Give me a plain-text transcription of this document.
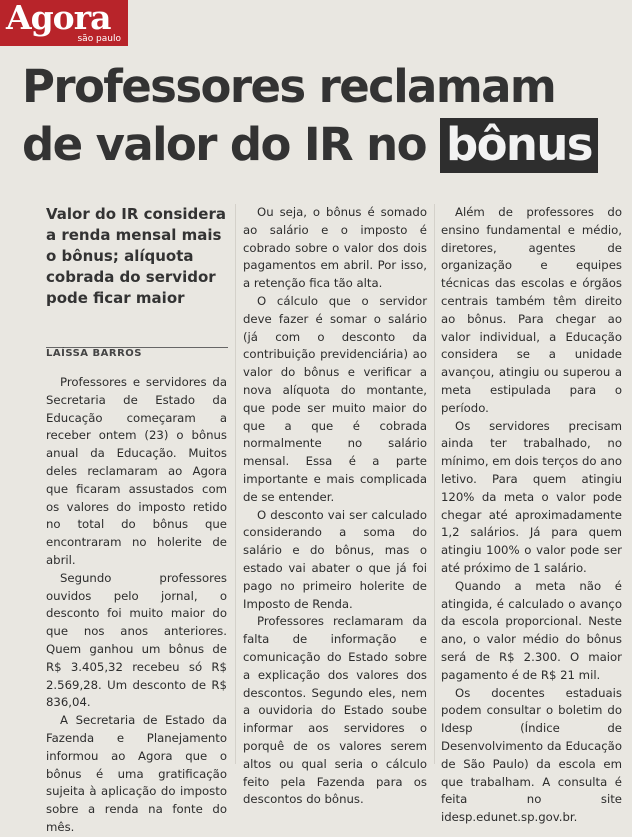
Agora
são paulo
Professores reclamam
de valor do IR no bônus
Valor do IR considera a renda mensal mais o bônus; alíquota cobrada do servidor pode ficar maior
LAÍSSA BARROS

Professores e servidores da Secretaria de Estado da Educação começaram a receber ontem (23) o bônus anual da Educação. Muitos deles reclamaram ao Agora que ficaram assustados com os valores do imposto retido no total do bônus que encontraram no holerite de abril.

Segundo professores ouvidos pelo jornal, o desconto foi muito maior do que nos anos anteriores. Quem ganhou um bônus de R$ 3.405,32 recebeu só R$ 2.569,28. Um desconto de R$ 836,04.

A Secretaria de Estado da Fazenda e Planejamento informou ao Agora que o bônus é uma gratificação sujeita à aplicação do imposto sobre a renda na fonte do mês.

Ou seja, o bônus é somado ao salário e o imposto é cobrado sobre o valor dos dois pagamentos em abril. Por isso, a retenção fica tão alta.

O cálculo que o servidor deve fazer é somar o salário (já com o desconto da contribuição previdenciária) ao valor do bônus e verificar a nova alíquota do montante, que pode ser muito maior do que a que é cobrada normalmente no salário mensal. Essa é a parte importante e mais complicada de se entender.

O desconto vai ser calculado considerando a soma do salário e do bônus, mas o estado vai abater o que já foi pago no primeiro holerite de Imposto de Renda.

Professores reclamaram da falta de informação e comunicação do Estado sobre a explicação dos valores dos descontos. Segundo eles, nem a ouvidoria do Estado soube informar aos servidores o porquê de os valores serem altos ou qual seria o cálculo feito pela Fazenda para os descontos do bônus.

Além de professores do ensino fundamental e médio, diretores, agentes de organização e equipes técnicas das escolas e órgãos centrais também têm direito ao bônus. Para chegar ao valor individual, a Educação considera se a unidade avançou, atingiu ou superou a meta estipulada para o período.

Os servidores precisam ainda ter trabalhado, no mínimo, em dois terços do ano letivo. Para quem atingiu 120% da meta o valor pode chegar até aproximadamente 1,2 salários. Já para quem atingiu 100% o valor pode ser até próximo de 1 salário.

Quando a meta não é atingida, é calculado o avanço da escola proporcional. Neste ano, o valor médio do bônus será de R$ 2.300. O maior pagamento é de R$ 21 mil.

Os docentes estaduais podem consultar o boletim do Idesp (Índice de Desenvolvimento da Educação de São Paulo) da escola em que trabalham. A consulta é feita no site idesp.edunet.sp.gov.br.
